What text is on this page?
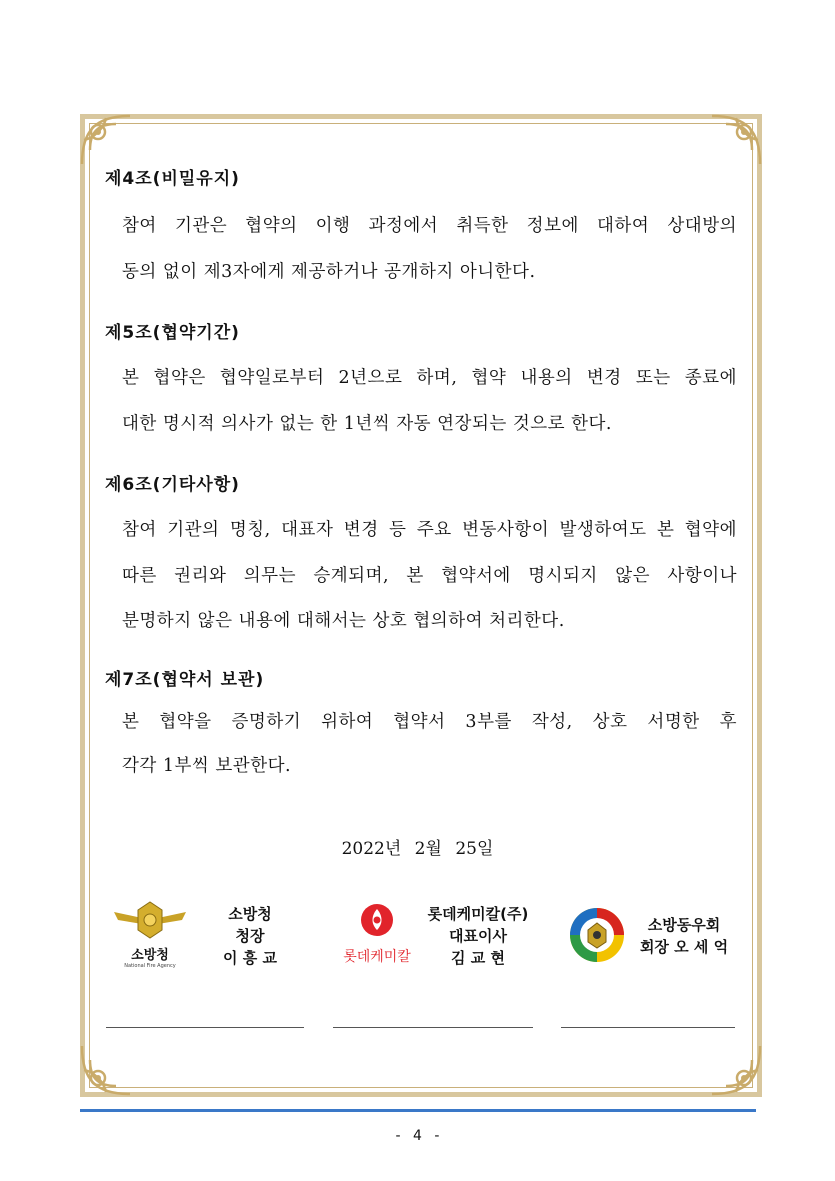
제4조(비밀유지)
참여 기관은 협약의 이행 과정에서 취득한 정보에 대하여 상대방의
동의 없이 제3자에게 제공하거나 공개하지 아니한다.
제5조(협약기간)
본 협약은 협약일로부터 2년으로 하며, 협약 내용의 변경 또는 종료에
대한 명시적 의사가 없는 한 1년씩 자동 연장되는 것으로 한다.
제6조(기타사항)
참여 기관의 명칭, 대표자 변경 등 주요 변동사항이 발생하여도 본 협약에
따른 권리와 의무는 승계되며, 본 협약서에 명시되지 않은 사항이나
분명하지 않은 내용에 대해서는 상호 협의하여 처리한다.
제7조(협약서 보관)
본 협약을 증명하기 위하여 협약서 3부를 작성, 상호 서명한 후
각각 1부씩 보관한다.
2022년 2월 25일
소방청
National Fire Agency
소방청
청장
이 흥 교	롯데케미칼
롯데케미칼(주)
대표이사
김 교 현
소방동우회
회장 오 세 억
- 4 -
